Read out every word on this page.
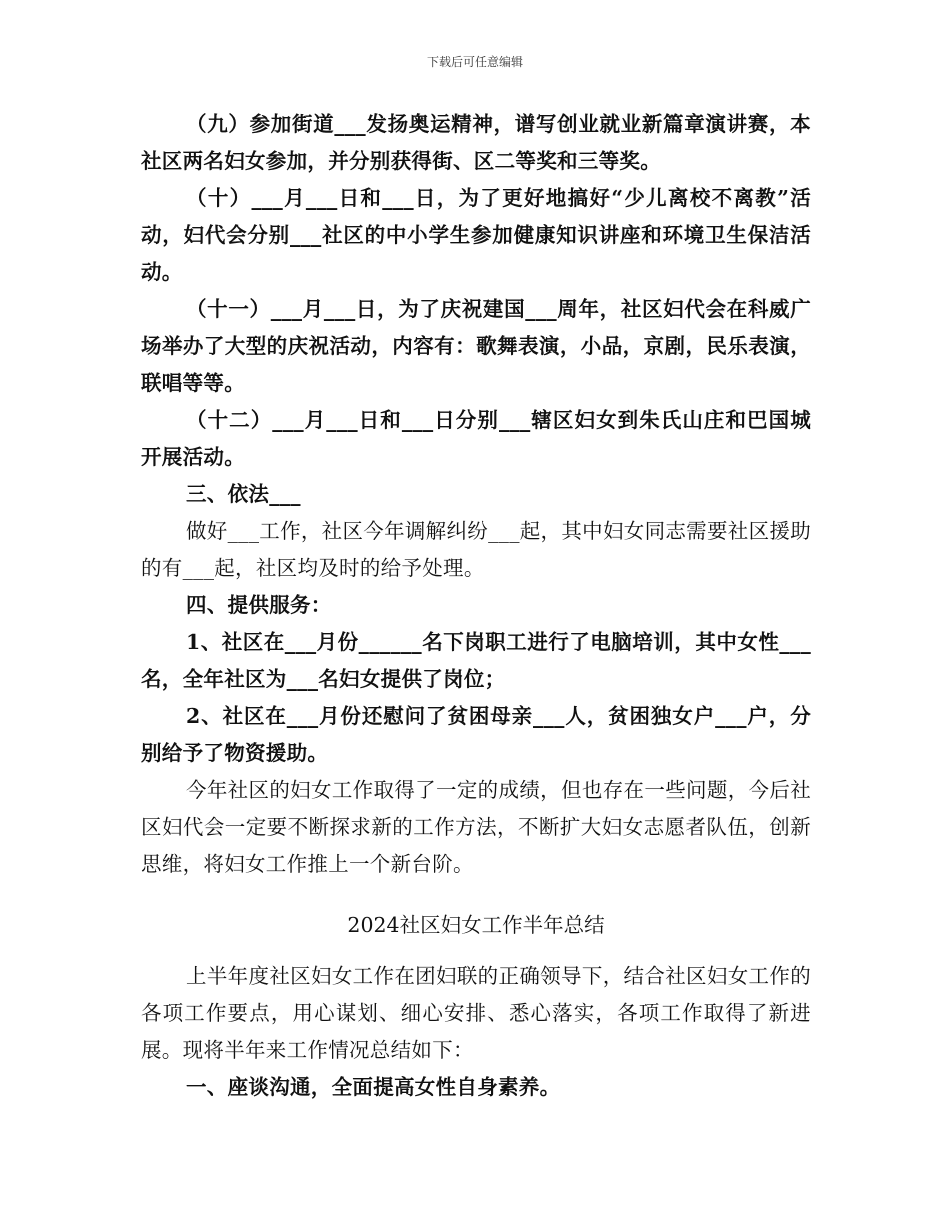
下载后可任意编辑

（九）参加街道___发扬奥运精神，谱写创业就业新篇章演讲赛，本社区两名妇女参加，并分别获得街、区二等奖和三等奖。

（十）___月___日和___日，为了更好地搞好“少儿离校不离教”活动，妇代会分别___社区的中小学生参加健康知识讲座和环境卫生保洁活动。

（十一）___月___日，为了庆祝建国___周年，社区妇代会在科威广场举办了大型的庆祝活动，内容有：歌舞表演，小品，京剧，民乐表演，联唱等等。

（十二）___月___日和___日分别___辖区妇女到朱氏山庄和巴国城开展活动。

三、依法___

做好___工作，社区今年调解纠纷___起，其中妇女同志需要社区援助的有___起，社区均及时的给予处理。

四、提供服务：

1、社区在___月份______名下岗职工进行了电脑培训，其中女性___名，全年社区为___名妇女提供了岗位；

2、社区在___月份还慰问了贫困母亲___人，贫困独女户___户，分别给予了物资援助。

今年社区的妇女工作取得了一定的成绩，但也存在一些问题，今后社区妇代会一定要不断探求新的工作方法，不断扩大妇女志愿者队伍，创新思维，将妇女工作推上一个新台阶。

2024社区妇女工作半年总结

上半年度社区妇女工作在团妇联的正确领导下，结合社区妇女工作的各项工作要点，用心谋划、细心安排、悉心落实，各项工作取得了新进展。现将半年来工作情况总结如下：

一、座谈沟通，全面提高女性自身素养。
